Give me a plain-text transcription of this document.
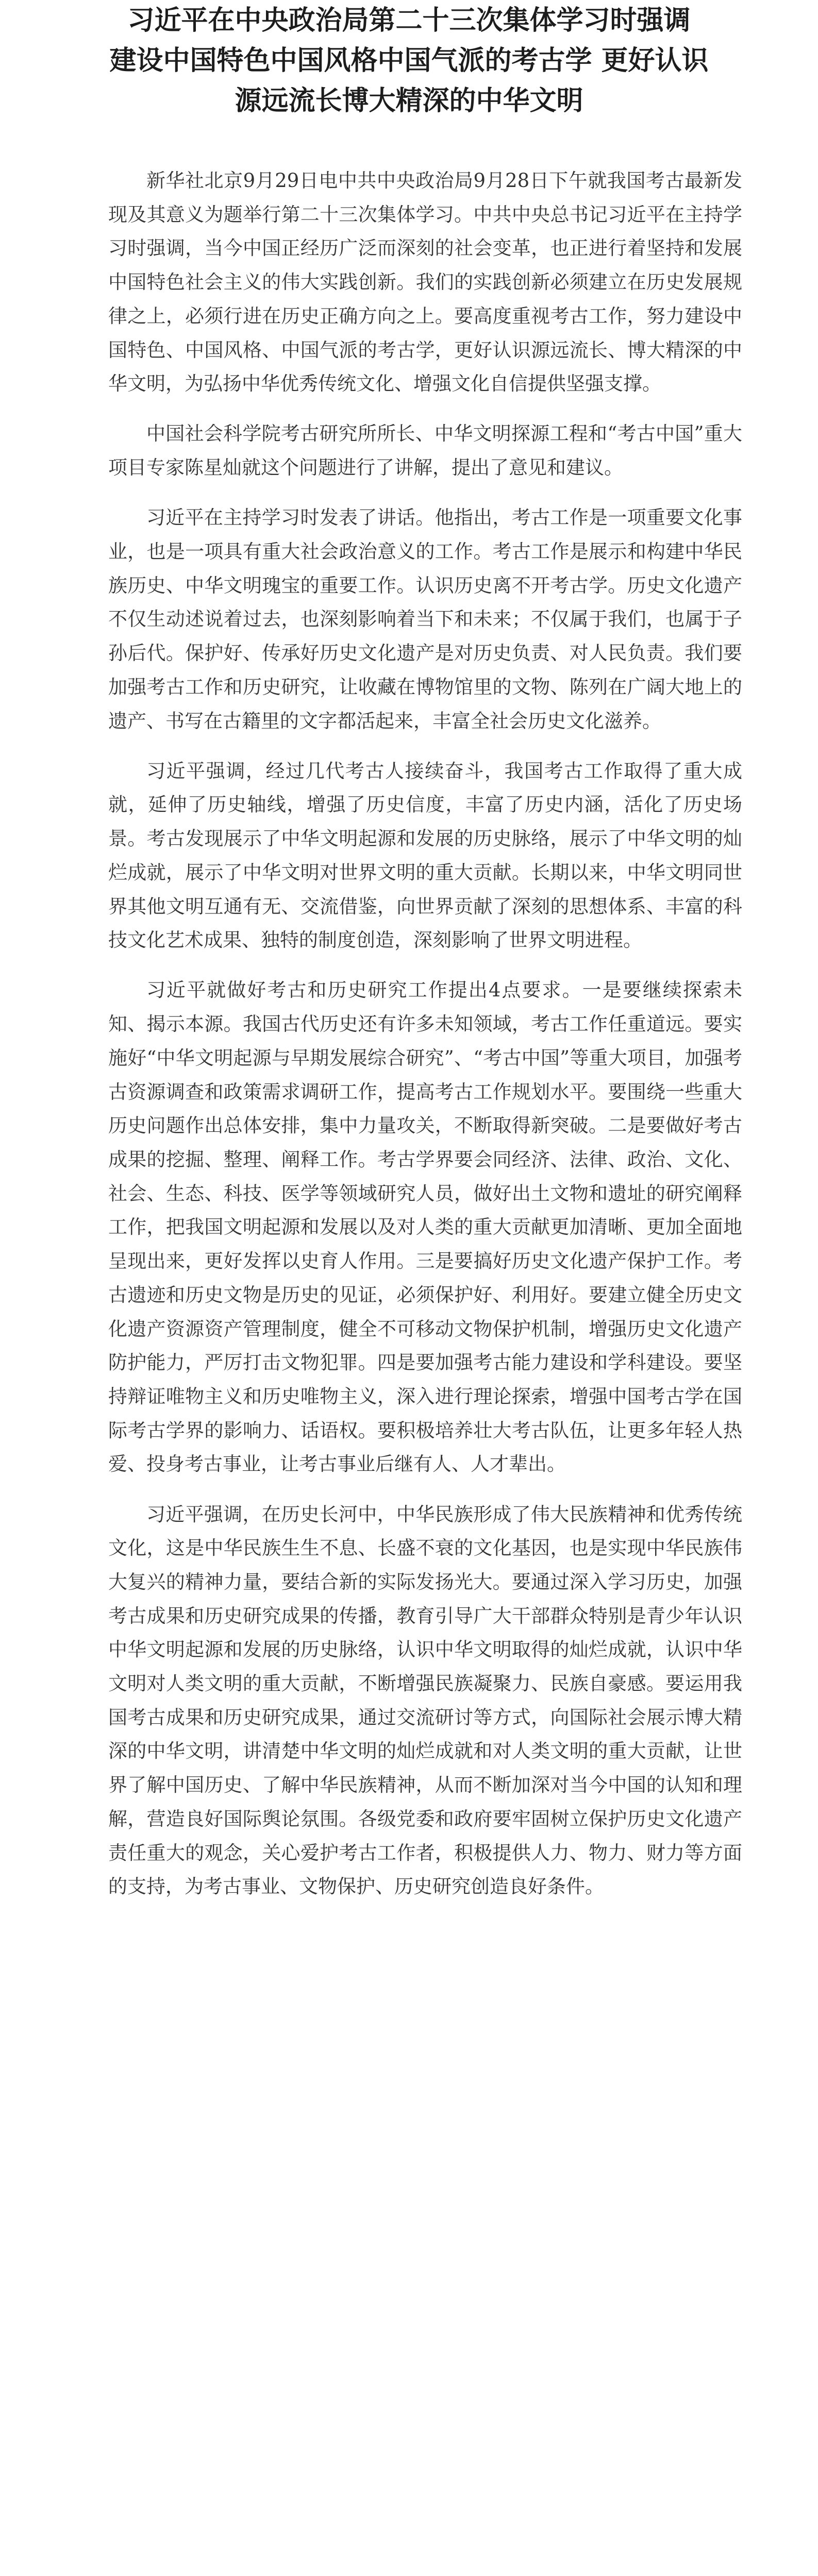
习近平在中央政治局第二十三次集体学习时强调
建设中国特色中国风格中国气派的考古学 更好认识
源远流长博大精深的中华文明

新华社北京9月29日电中共中央政治局9月28日下午就我国考古最新发现及其意义为题举行第二十三次集体学习。中共中央总书记习近平在主持学习时强调，当今中国正经历广泛而深刻的社会变革，也正进行着坚持和发展中国特色社会主义的伟大实践创新。我们的实践创新必须建立在历史发展规律之上，必须行进在历史正确方向之上。要高度重视考古工作，努力建设中国特色、中国风格、中国气派的考古学，更好认识源远流长、博大精深的中华文明，为弘扬中华优秀传统文化、增强文化自信提供坚强支撑。

中国社会科学院考古研究所所长、中华文明探源工程和“考古中国”重大项目专家陈星灿就这个问题进行了讲解，提出了意见和建议。

习近平在主持学习时发表了讲话。他指出，考古工作是一项重要文化事业，也是一项具有重大社会政治意义的工作。考古工作是展示和构建中华民族历史、中华文明瑰宝的重要工作。认识历史离不开考古学。历史文化遗产不仅生动述说着过去，也深刻影响着当下和未来；不仅属于我们，也属于子孙后代。保护好、传承好历史文化遗产是对历史负责、对人民负责。我们要加强考古工作和历史研究，让收藏在博物馆里的文物、陈列在广阔大地上的遗产、书写在古籍里的文字都活起来，丰富全社会历史文化滋养。

习近平强调，经过几代考古人接续奋斗，我国考古工作取得了重大成就，延伸了历史轴线，增强了历史信度，丰富了历史内涵，活化了历史场景。考古发现展示了中华文明起源和发展的历史脉络，展示了中华文明的灿烂成就，展示了中华文明对世界文明的重大贡献。长期以来，中华文明同世界其他文明互通有无、交流借鉴，向世界贡献了深刻的思想体系、丰富的科技文化艺术成果、独特的制度创造，深刻影响了世界文明进程。

习近平就做好考古和历史研究工作提出4点要求。一是要继续探索未知、揭示本源。我国古代历史还有许多未知领域，考古工作任重道远。要实施好“中华文明起源与早期发展综合研究”、“考古中国”等重大项目，加强考古资源调查和政策需求调研工作，提高考古工作规划水平。要围绕一些重大历史问题作出总体安排，集中力量攻关，不断取得新突破。二是要做好考古成果的挖掘、整理、阐释工作。考古学界要会同经济、法律、政治、文化、社会、生态、科技、医学等领域研究人员，做好出土文物和遗址的研究阐释工作，把我国文明起源和发展以及对人类的重大贡献更加清晰、更加全面地呈现出来，更好发挥以史育人作用。三是要搞好历史文化遗产保护工作。考古遗迹和历史文物是历史的见证，必须保护好、利用好。要建立健全历史文化遗产资源资产管理制度，健全不可移动文物保护机制，增强历史文化遗产防护能力，严厉打击文物犯罪。四是要加强考古能力建设和学科建设。要坚持辩证唯物主义和历史唯物主义，深入进行理论探索，增强中国考古学在国际考古学界的影响力、话语权。要积极培养壮大考古队伍，让更多年轻人热爱、投身考古事业，让考古事业后继有人、人才辈出。

习近平强调，在历史长河中，中华民族形成了伟大民族精神和优秀传统文化，这是中华民族生生不息、长盛不衰的文化基因，也是实现中华民族伟大复兴的精神力量，要结合新的实际发扬光大。要通过深入学习历史，加强考古成果和历史研究成果的传播，教育引导广大干部群众特别是青少年认识中华文明起源和发展的历史脉络，认识中华文明取得的灿烂成就，认识中华文明对人类文明的重大贡献，不断增强民族凝聚力、民族自豪感。要运用我国考古成果和历史研究成果，通过交流研讨等方式，向国际社会展示博大精深的中华文明，讲清楚中华文明的灿烂成就和对人类文明的重大贡献，让世界了解中国历史、了解中华民族精神，从而不断加深对当今中国的认知和理解，营造良好国际舆论氛围。各级党委和政府要牢固树立保护历史文化遗产责任重大的观念，关心爱护考古工作者，积极提供人力、物力、财力等方面的支持，为考古事业、文物保护、历史研究创造良好条件。
